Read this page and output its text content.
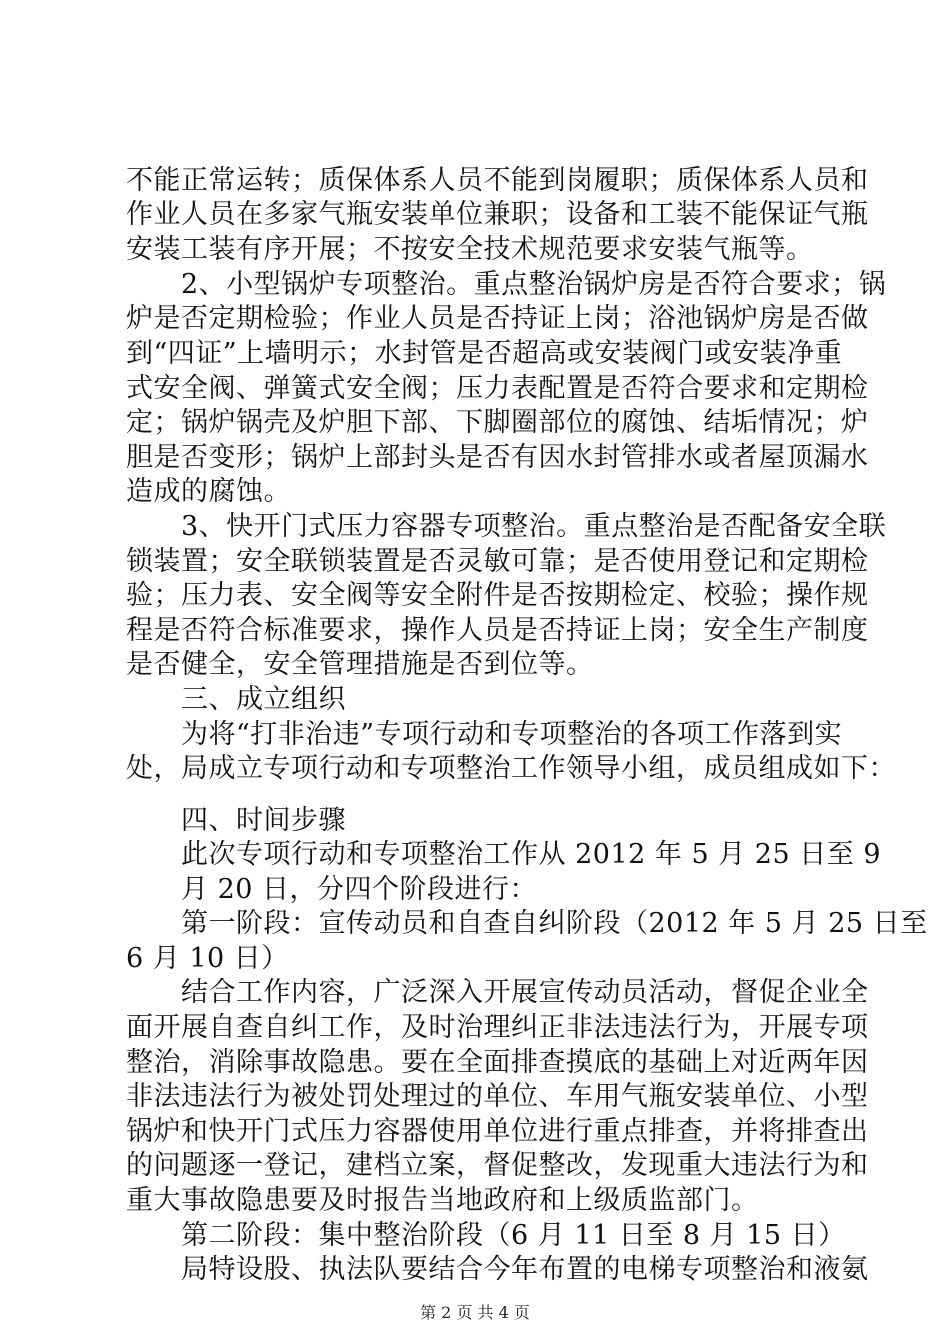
不能正常运转；质保体系人员不能到岗履职；质保体系人员和
作业人员在多家气瓶安装单位兼职；设备和工装不能保证气瓶
安装工装有序开展；不按安全技术规范要求安装气瓶等。
　　2、小型锅炉专项整治。重点整治锅炉房是否符合要求；锅
炉是否定期检验；作业人员是否持证上岗；浴池锅炉房是否做
到“四证”上墙明示；水封管是否超高或安装阀门或安装净重
式安全阀、弹簧式安全阀；压力表配置是否符合要求和定期检
定；锅炉锅壳及炉胆下部、下脚圈部位的腐蚀、结垢情况；炉
胆是否变形；锅炉上部封头是否有因水封管排水或者屋顶漏水
造成的腐蚀。
　　3、快开门式压力容器专项整治。重点整治是否配备安全联
锁装置；安全联锁装置是否灵敏可靠；是否使用登记和定期检
验；压力表、安全阀等安全附件是否按期检定、校验；操作规
程是否符合标准要求，操作人员是否持证上岗；安全生产制度
是否健全，安全管理措施是否到位等。
　　三、成立组织
　　为将“打非治违”专项行动和专项整治的各项工作落到实
处，局成立专项行动和专项整治工作领导小组，成员组成如下：
　　四、时间步骤
　　此次专项行动和专项整治工作从 2012 年 5 月 25 日至 9
　　月 20 日，分四个阶段进行：
　　第一阶段：宣传动员和自查自纠阶段（2012 年 5 月 25 日至
6 月 10 日）
　　结合工作内容，广泛深入开展宣传动员活动，督促企业全
面开展自查自纠工作，及时治理纠正非法违法行为，开展专项
整治，消除事故隐患。要在全面排查摸底的基础上对近两年因
非法违法行为被处罚处理过的单位、车用气瓶安装单位、小型
锅炉和快开门式压力容器使用单位进行重点排查，并将排查出
的问题逐一登记，建档立案，督促整改，发现重大违法行为和
重大事故隐患要及时报告当地政府和上级质监部门。
　　第二阶段：集中整治阶段（6 月 11 日至 8 月 15 日）
　　局特设股、执法队要结合今年布置的电梯专项整治和液氨
第 2 页 共 4 页
